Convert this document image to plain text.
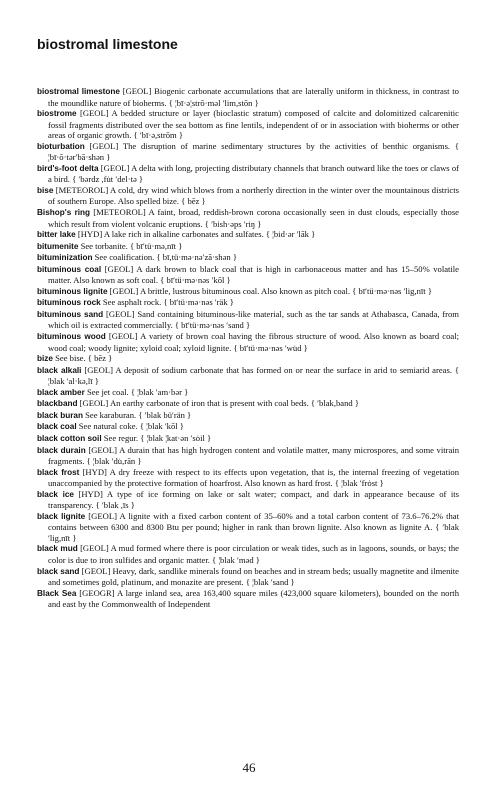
biostromal limestone

biostromal limestone [GEOL] Biogenic carbonate accumulations that are laterally uniform in thickness, in contrast to the moundlike nature of bioherms. { ¦bī·ə¦strō·məl ′lim,stōn }

biostrome [GEOL] A bedded structure or layer (bioclastic stratum) composed of calcite and dolomitized calcarenitic fossil fragments distributed over the sea bottom as fine lentils, independent of or in association with bioherms or other areas of organic growth. { ′bī·ə,strōm }

bioturbation [GEOL] The disruption of marine sedimentary structures by the activities of benthic organisms. { ¦bī·ō·tər′bā·shən }

bird's-foot delta [GEOL] A delta with long, projecting distributary channels that branch outward like the toes or claws of a bird. { ′bərdz ,fu̇t ′del·tə }

bise [METEOROL] A cold, dry wind which blows from a northerly direction in the winter over the mountainous districts of southern Europe. Also spelled bize. { bēz }

Bishop's ring [METEOROL] A faint, broad, reddish-brown corona occasionally seen in dust clouds, especially those which result from violent volcanic eruptions. { ′bish·əps ′riŋ }

bitter lake [HYD] A lake rich in alkaline carbonates and sulfates. { ¦bid·ər ′lāk }

bitumenite See torbanite. { bī′tü·mə,nīt }

bituminization See coalification. { bī,tü·mə·nə′zā·shən }

bituminous coal [GEOL] A dark brown to black coal that is high in carbonaceous matter and has 15–50% volatile matter. Also known as soft coal. { bī′tü·mə·nəs ′kōl }

bituminous lignite [GEOL] A brittle, lustrous bituminous coal. Also known as pitch coal. { bī′tü·mə·nəs ′lig,nīt }

bituminous rock See asphalt rock. { bī′tü·mə·nəs ′räk }

bituminous sand [GEOL] Sand containing bituminous-like material, such as the tar sands at Athabasca, Canada, from which oil is extracted commercially. { bī′tü·mə·nəs ′sand }

bituminous wood [GEOL] A variety of brown coal having the fibrous structure of wood. Also known as board coal; wood coal; woody lignite; xyloid coal; xyloid lignite. { bī′tü·mə·nəs ′wu̇d }

bize See bise. { bēz }

black alkali [GEOL] A deposit of sodium carbonate that has formed on or near the surface in arid to semiarid areas. { ¦blak ′al·kə,lī }

black amber See jet coal. { ¦blak ′am·bər }

blackband [GEOL] An earthy carbonate of iron that is present with coal beds. { ′blak,band }

black buran See karaburan. { ′blak bü′rän }

black coal See natural coke. { ¦blak ′kōl }

black cotton soil See regur. { ¦blak ¦kat·ən ′sȯil }

black durain [GEOL] A durain that has high hydrogen content and volatile matter, many microspores, and some vitrain fragments. { ¦blak ′du̇,rān }

black frost [HYD] A dry freeze with respect to its effects upon vegetation, that is, the internal freezing of vegetation unaccompanied by the protective formation of hoarfrost. Also known as hard frost. { ¦blak ′frȯst }

black ice [HYD] A type of ice forming on lake or salt water; compact, and dark in appearance because of its transparency. { ′blak ,īs }

black lignite [GEOL] A lignite with a fixed carbon content of 35–60% and a total carbon content of 73.6–76.2% that contains between 6300 and 8300 Btu per pound; higher in rank than brown lignite. Also known as lignite A. { ′blak ′lig,nīt }

black mud [GEOL] A mud formed where there is poor circulation or weak tides, such as in lagoons, sounds, or bays; the color is due to iron sulfides and organic matter. { ¦blak ′məd }

black sand [GEOL] Heavy, dark, sandlike minerals found on beaches and in stream beds; usually magnetite and ilmenite and sometimes gold, platinum, and monazite are present. { ¦blak ′sand }

Black Sea [GEOGR] A large inland sea, area 163,400 square miles (423,000 square kilometers), bounded on the north and east by the Commonwealth of Independent

46
